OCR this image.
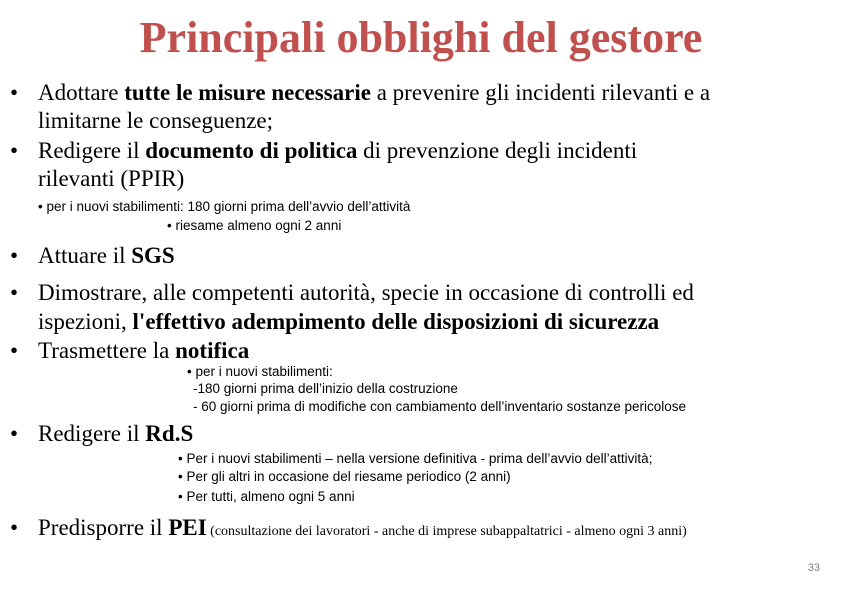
Principali obblighi del gestore
• Adottare tutte le misure necessarie a prevenire gli incidenti rilevanti e a
limitarne le conseguenze;
• Redigere il documento di politica di prevenzione degli incidenti
rilevanti (PPIR)
• per i nuovi stabilimenti: 180 giorni prima dell’avvio dell’attività
• riesame almeno ogni 2 anni
• Attuare il SGS
• Dimostrare, alle competenti autorità, specie in occasione di controlli ed
ispezioni, l'effettivo adempimento delle disposizioni di sicurezza
• Trasmettere la notifica
• per i nuovi stabilimenti:
-180 giorni prima dell’inizio della costruzione
- 60 giorni prima di modifiche con cambiamento dell’inventario sostanze pericolose
• Redigere il Rd.S
• Per i nuovi stabilimenti – nella versione definitiva - prima dell’avvio dell’attività;
• Per gli altri in occasione del riesame periodico (2 anni)
• Per tutti, almeno ogni 5 anni
• Predisporre il PEI (consultazione dei lavoratori - anche di imprese subappaltatrici - almeno ogni 3 anni)
33
